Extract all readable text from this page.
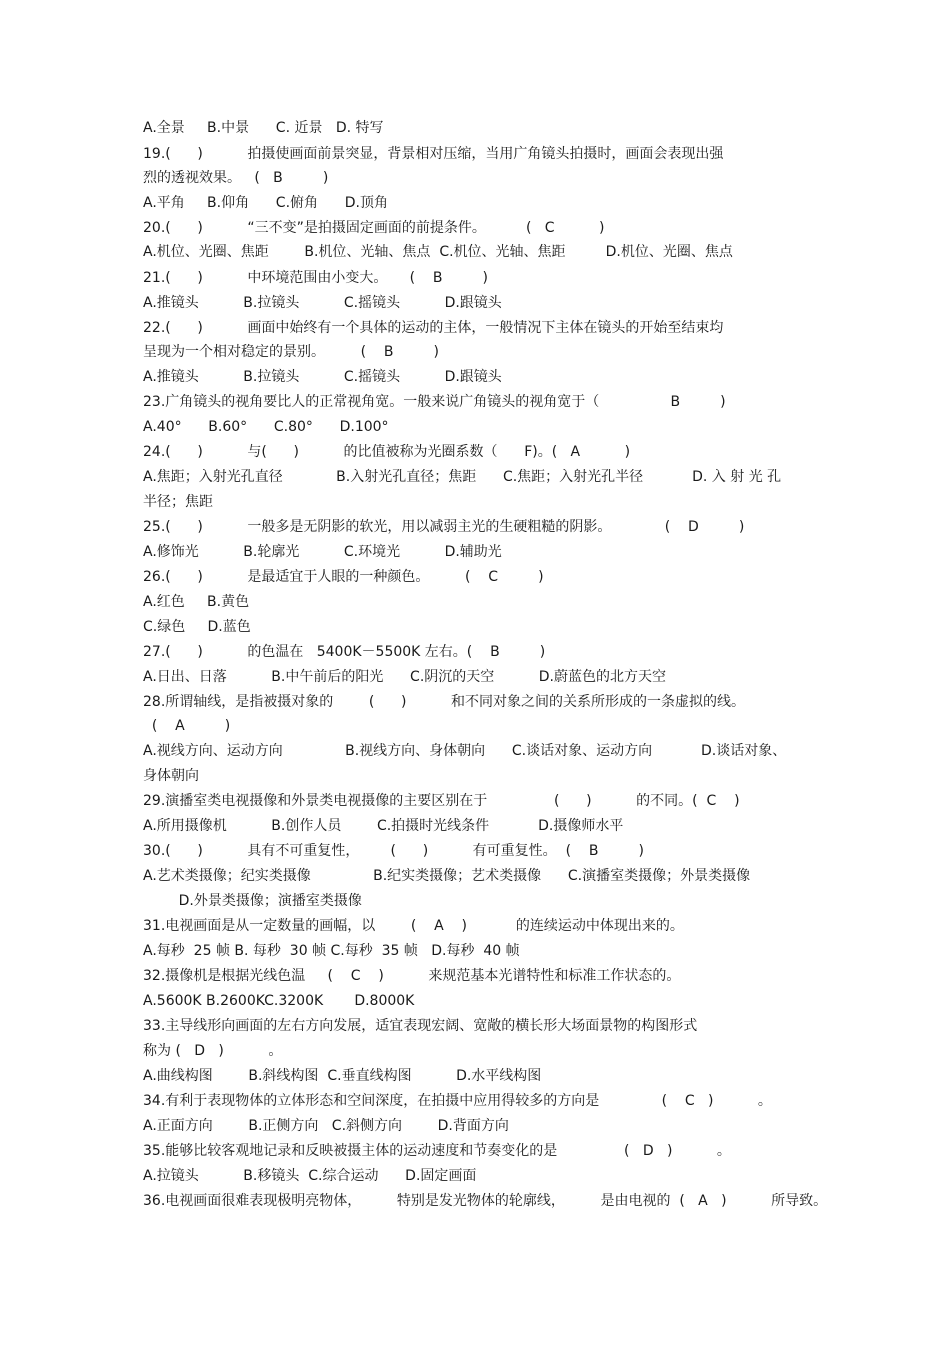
A.全景     B.中景      C. 近景   D. 特写

19.(      )          拍摄使画面前景突显，背景相对压缩，当用广角镜头拍摄时，画面会表现出强

烈的透视效果。   (   B         )

A.平角     B.仰角      C.俯角      D.顶角

20.(      )          “三不变”是拍摄固定画面的前提条件。         (   C          )

A.机位、光圈、焦距        B.机位、光轴、焦点  C.机位、光轴、焦距         D.机位、光圈、焦点

21.(      )          中环境范围由小变大。     (    B         )

A.推镜头          B.拉镜头          C.摇镜头          D.跟镜头

22.(      )          画面中始终有一个具体的运动的主体，一般情况下主体在镜头的开始至结束均

呈现为一个相对稳定的景别。        (    B         )

A.推镜头          B.拉镜头          C.摇镜头          D.跟镜头

23.广角镜头的视角要比人的正常视角宽。一般来说广角镜头的视角宽于（                B         )

A.40°      B.60°      C.80°      D.100°

24.(      )          与(      )          的比值被称为光圈系数（      F)。(   A          )

A.焦距；入射光孔直径            B.入射光孔直径；焦距      C.焦距；入射光孔半径           D. 入 射 光 孔

半径；焦距

25.(      )          一般多是无阴影的软光，用以减弱主光的生硬粗糙的阴影。            (    D         )

A.修饰光          B.轮廓光          C.环境光          D.辅助光

26.(      )          是最适宜于人眼的一种颜色。        (    C         )

A.红色     B.黄色

C.绿色     D.蓝色

27.(      )          的色温在   5400K－5500K 左右。(    B         )

A.日出、日落          B.中午前后的阳光      C.阴沉的天空          D.蔚蓝色的北方天空

28.所谓轴线，是指被摄对象的        (      )          和不同对象之间的关系所形成的一条虚拟的线。

(    A         )

A.视线方向、运动方向              B.视线方向、身体朝向      C.谈话对象、运动方向           D.谈话对象、

身体朝向

29.演播室类电视摄像和外景类电视摄像的主要区别在于               (      )          的不同。(  C    )

A.所用摄像机          B.创作人员        C.拍摄时光线条件           D.摄像师水平

30.(      )          具有不可重复性，       (      )          有可重复性。  (    B         )

A.艺术类摄像；纪实类摄像              B.纪实类摄像；艺术类摄像      C.演播室类摄像；外景类摄像

D.外景类摄像；演播室类摄像

31.电视画面是从一定数量的画幅，以        (    A    )           的连续运动中体现出来的。

A.每秒  25 帧 B. 每秒  30 帧 C.每秒  35 帧   D.每秒  40 帧

32.摄像机是根据光线色温     (    C    )          来规范基本光谱特性和标准工作状态的。

A.5600K B.2600KC.3200K       D.8000K

33.主导线形向画面的左右方向发展，适宜表现宏阔、宽敞的横长形大场面景物的构图形式

称为 (   D   )          。

A.曲线构图        B.斜线构图  C.垂直线构图          D.水平线构图

34.有利于表现物体的立体形态和空间深度，在拍摄中应用得较多的方向是              (    C   )          。

A.正面方向        B.正侧方向   C.斜侧方向        D.背面方向

35.能够比较客观地记录和反映被摄主体的运动速度和节奏变化的是               (   D   )          。

A.拉镜头          B.移镜头  C.综合运动      D.固定画面

36.电视画面很难表现极明亮物体，        特别是发光物体的轮廓线，        是由电视的  (   A   )          所导致。
